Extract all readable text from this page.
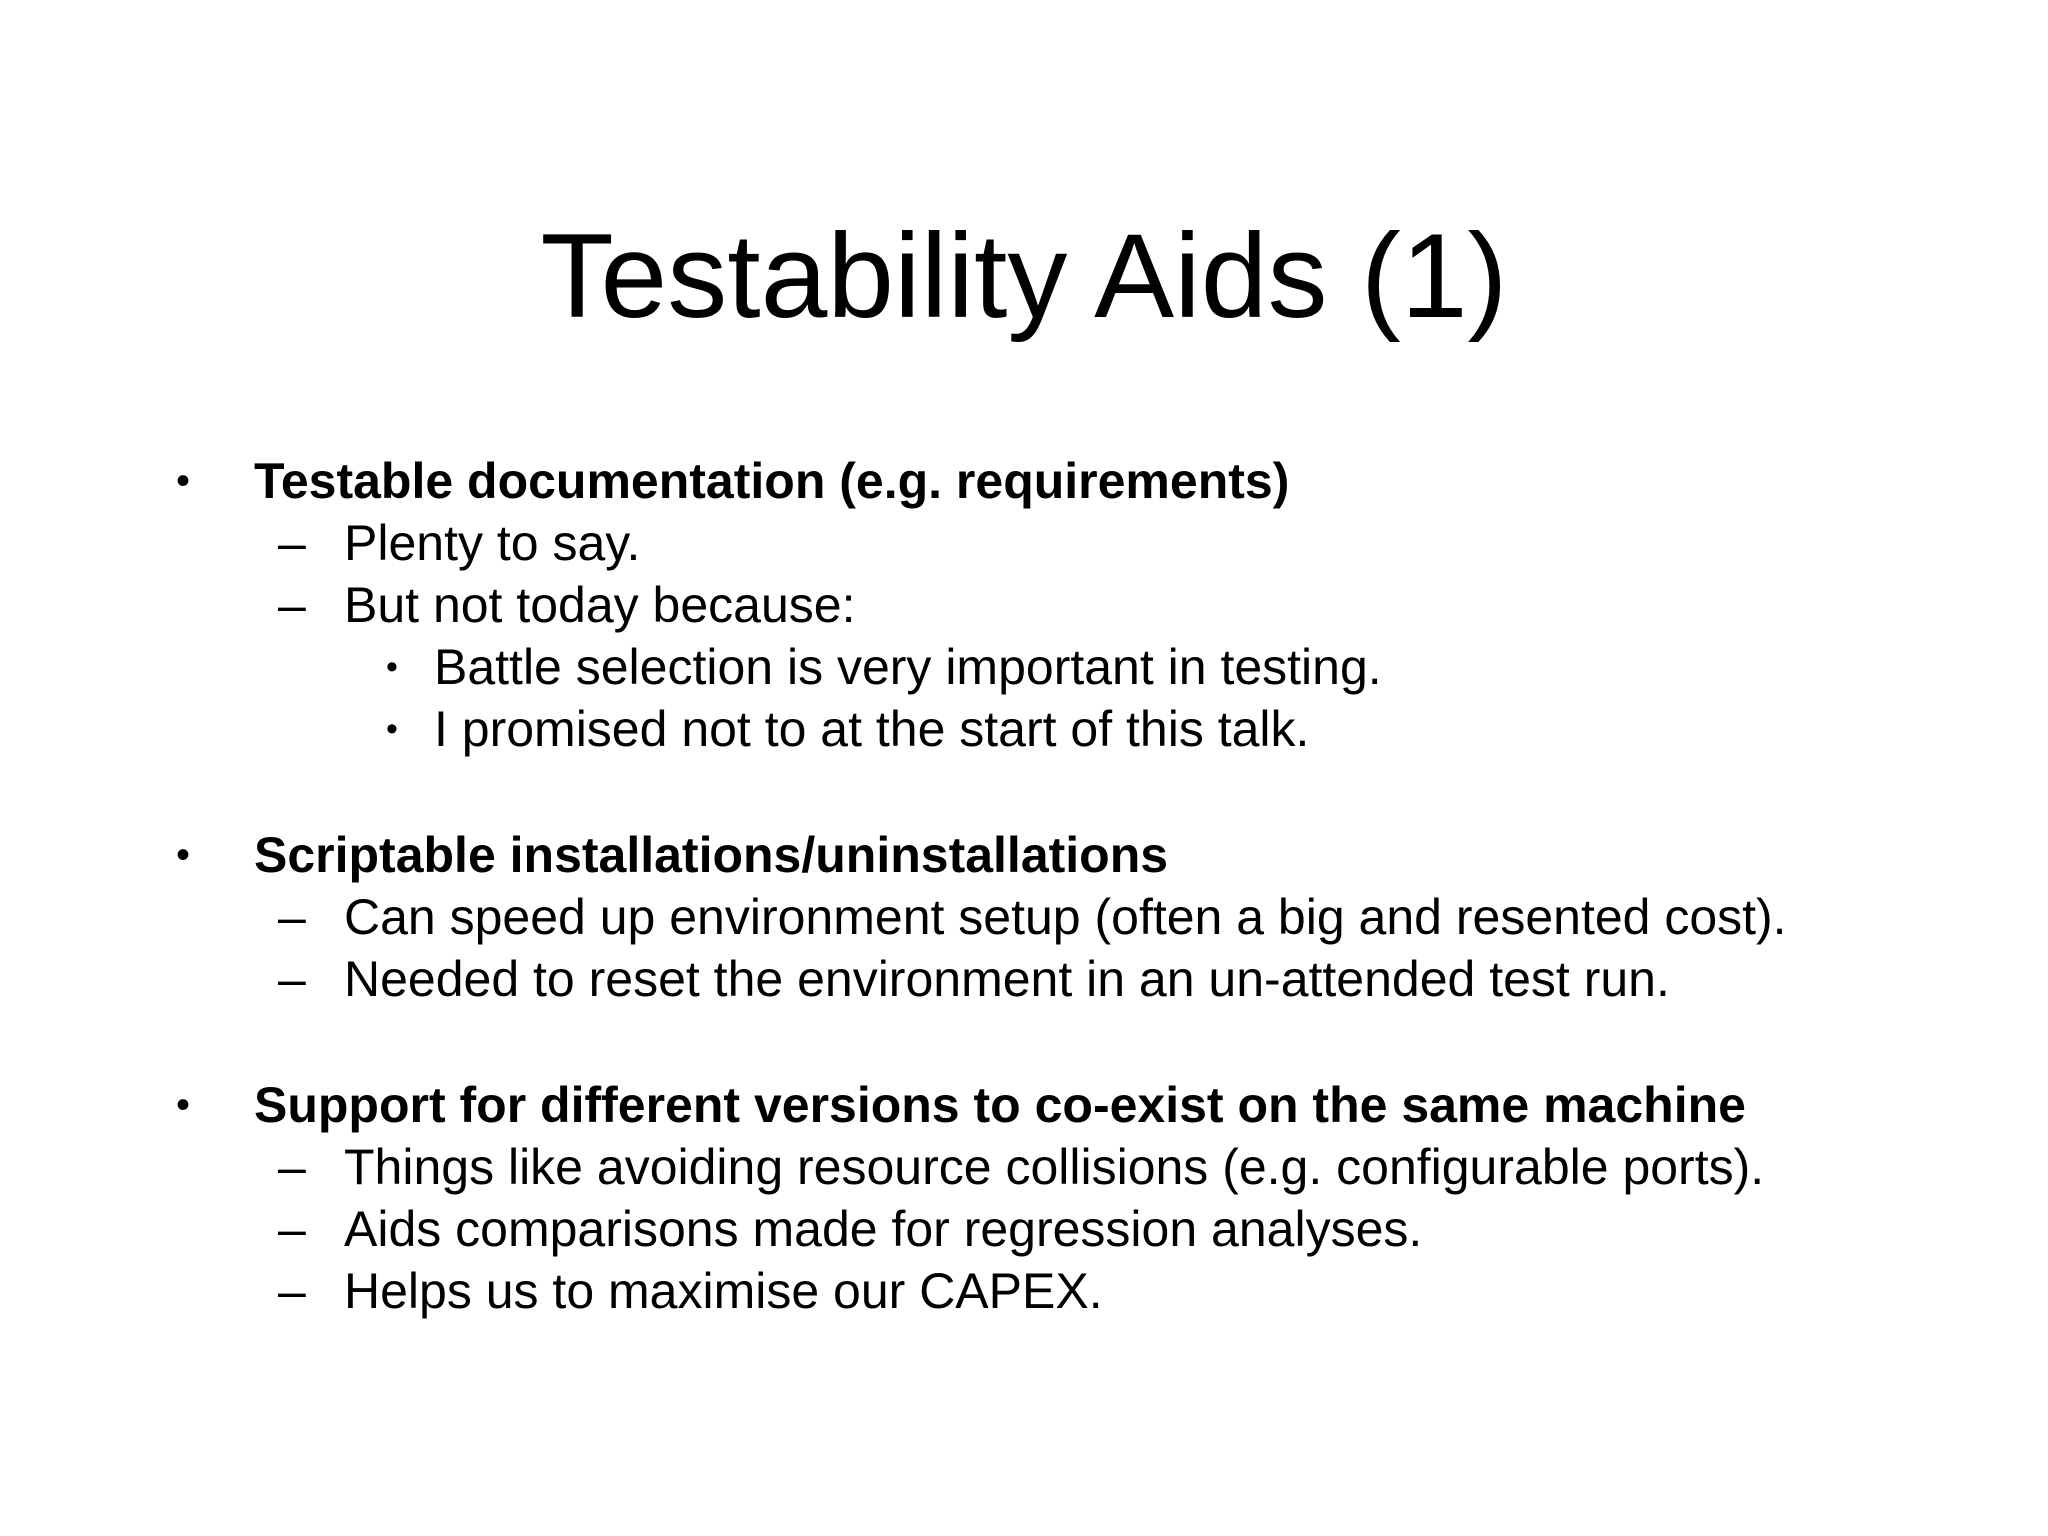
Testability Aids (1)
• Testable documentation (e.g. requirements)
– Plenty to say.
– But not today because:
• Battle selection is very important in testing.
• I promised not to at the start of this talk.
• Scriptable installations/uninstallations
– Can speed up environment setup (often a big and resented cost).
– Needed to reset the environment in an un-attended test run.
• Support for different versions to co-exist on the same machine
– Things like avoiding resource collisions (e.g. configurable ports).
– Aids comparisons made for regression analyses.
– Helps us to maximise our CAPEX.
